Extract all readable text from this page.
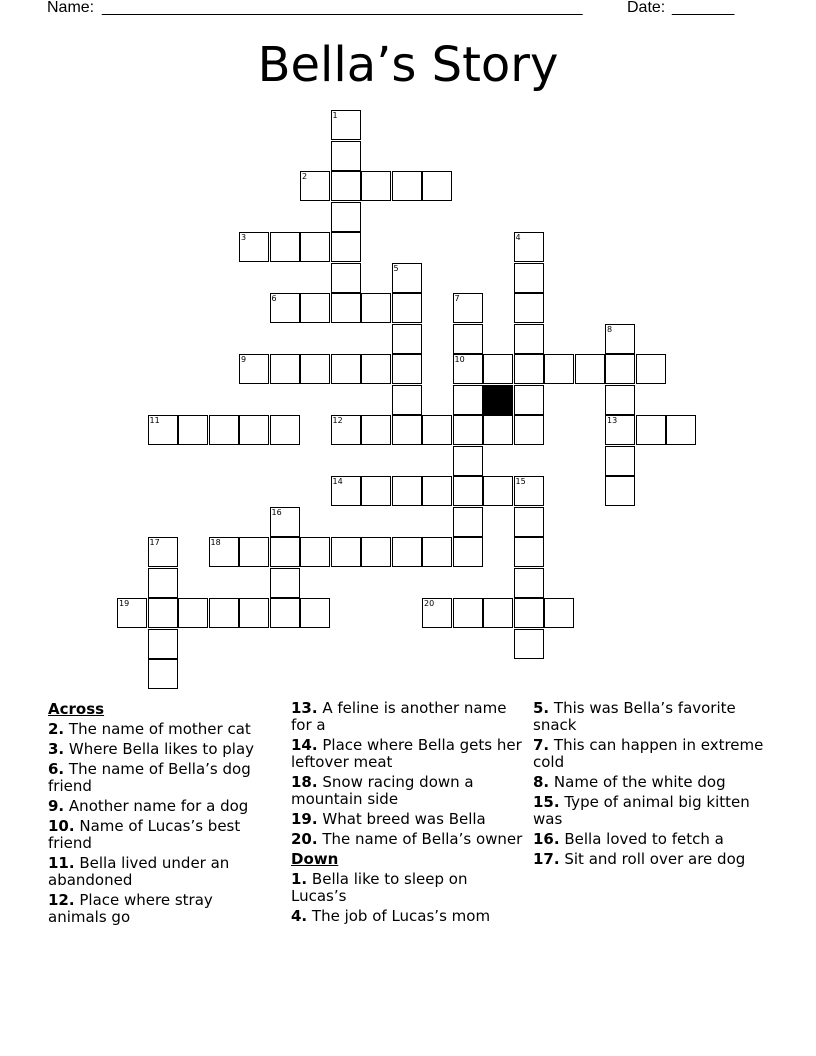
Name: ______________________________________________________	Date: _______
Bella’s Story
2
3
6
9	10
11	12	13
14	15
18
19	20
1
4
5
7
8
16
17
Across
2. The name of mother cat
3. Where Bella likes to play
6. The name of Bella’s dog friend
9. Another name for a dog
10. Name of Lucas’s best friend
11. Bella lived under an abandoned
12. Place where stray animals go
13. A feline is another name for a
14. Place where Bella gets her leftover meat
18. Snow racing down a mountain side
19. What breed was Bella
20. The name of Bella’s owner
Down
1. Bella like to sleep on Lucas’s
4. The job of Lucas’s mom
5. This was Bella’s favorite snack
7. This can happen in extreme cold
8. Name of the white dog
15. Type of animal big kitten was
16. Bella loved to fetch a
17. Sit and roll over are dog
